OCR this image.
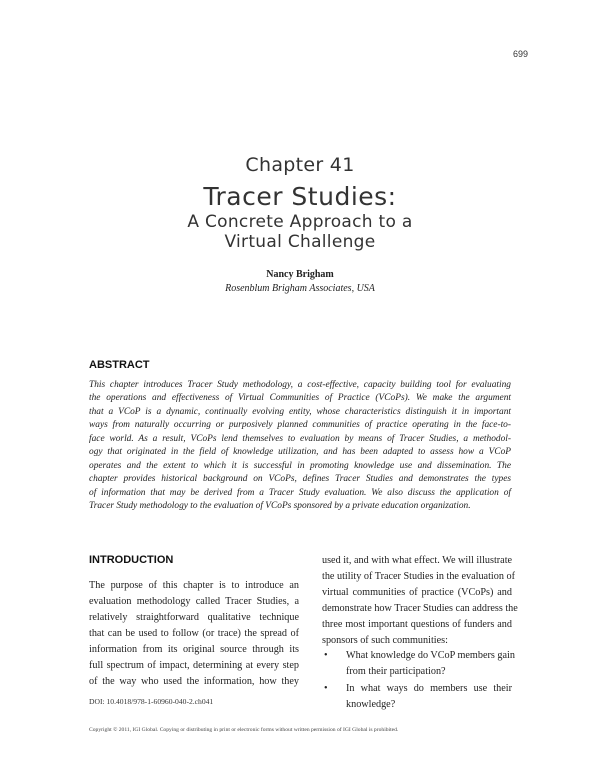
699
Chapter 41
Tracer Studies:
A Concrete Approach to a
Virtual Challenge
Nancy Brigham
Rosenblum Brigham Associates, USA
ABSTRACT
This chapter introduces Tracer Study methodology, a cost-effective, capacity building tool for evaluating
the operations and effectiveness of Virtual Communities of Practice (VCoPs). We make the argument
that a VCoP is a dynamic, continually evolving entity, whose characteristics distinguish it in important
ways from naturally occurring or purposively planned communities of practice operating in the face-to-
face world. As a result, VCoPs lend themselves to evaluation by means of Tracer Studies, a methodol-
ogy that originated in the field of knowledge utilization, and has been adapted to assess how a VCoP
operates and the extent to which it is successful in promoting knowledge use and dissemination. The
chapter provides historical background on VCoPs, defines Tracer Studies and demonstrates the types
of information that may be derived from a Tracer Study evaluation. We also discuss the application of
Tracer Study methodology to the evaluation of VCoPs sponsored by a private education organization.
INTRODUCTION
The purpose of this chapter is to introduce an
evaluation methodology called Tracer Studies, a
relatively straightforward qualitative technique
that can be used to follow (or trace) the spread of
information from its original source through its
full spectrum of impact, determining at every step
of the way who used the information, how they
used it, and with what effect. We will illustrate
the utility of Tracer Studies in the evaluation of
virtual communities of practice (VCoPs) and
demonstrate how Tracer Studies can address the
three most important questions of funders and
sponsors of such communities:
•	What knowledge do VCoP members gain
from their participation?
•	In what ways do members use their
knowledge?
DOI: 10.4018/978-1-60960-040-2.ch041
Copyright © 2011, IGI Global. Copying or distributing in print or electronic forms without written permission of IGI Global is prohibited.
